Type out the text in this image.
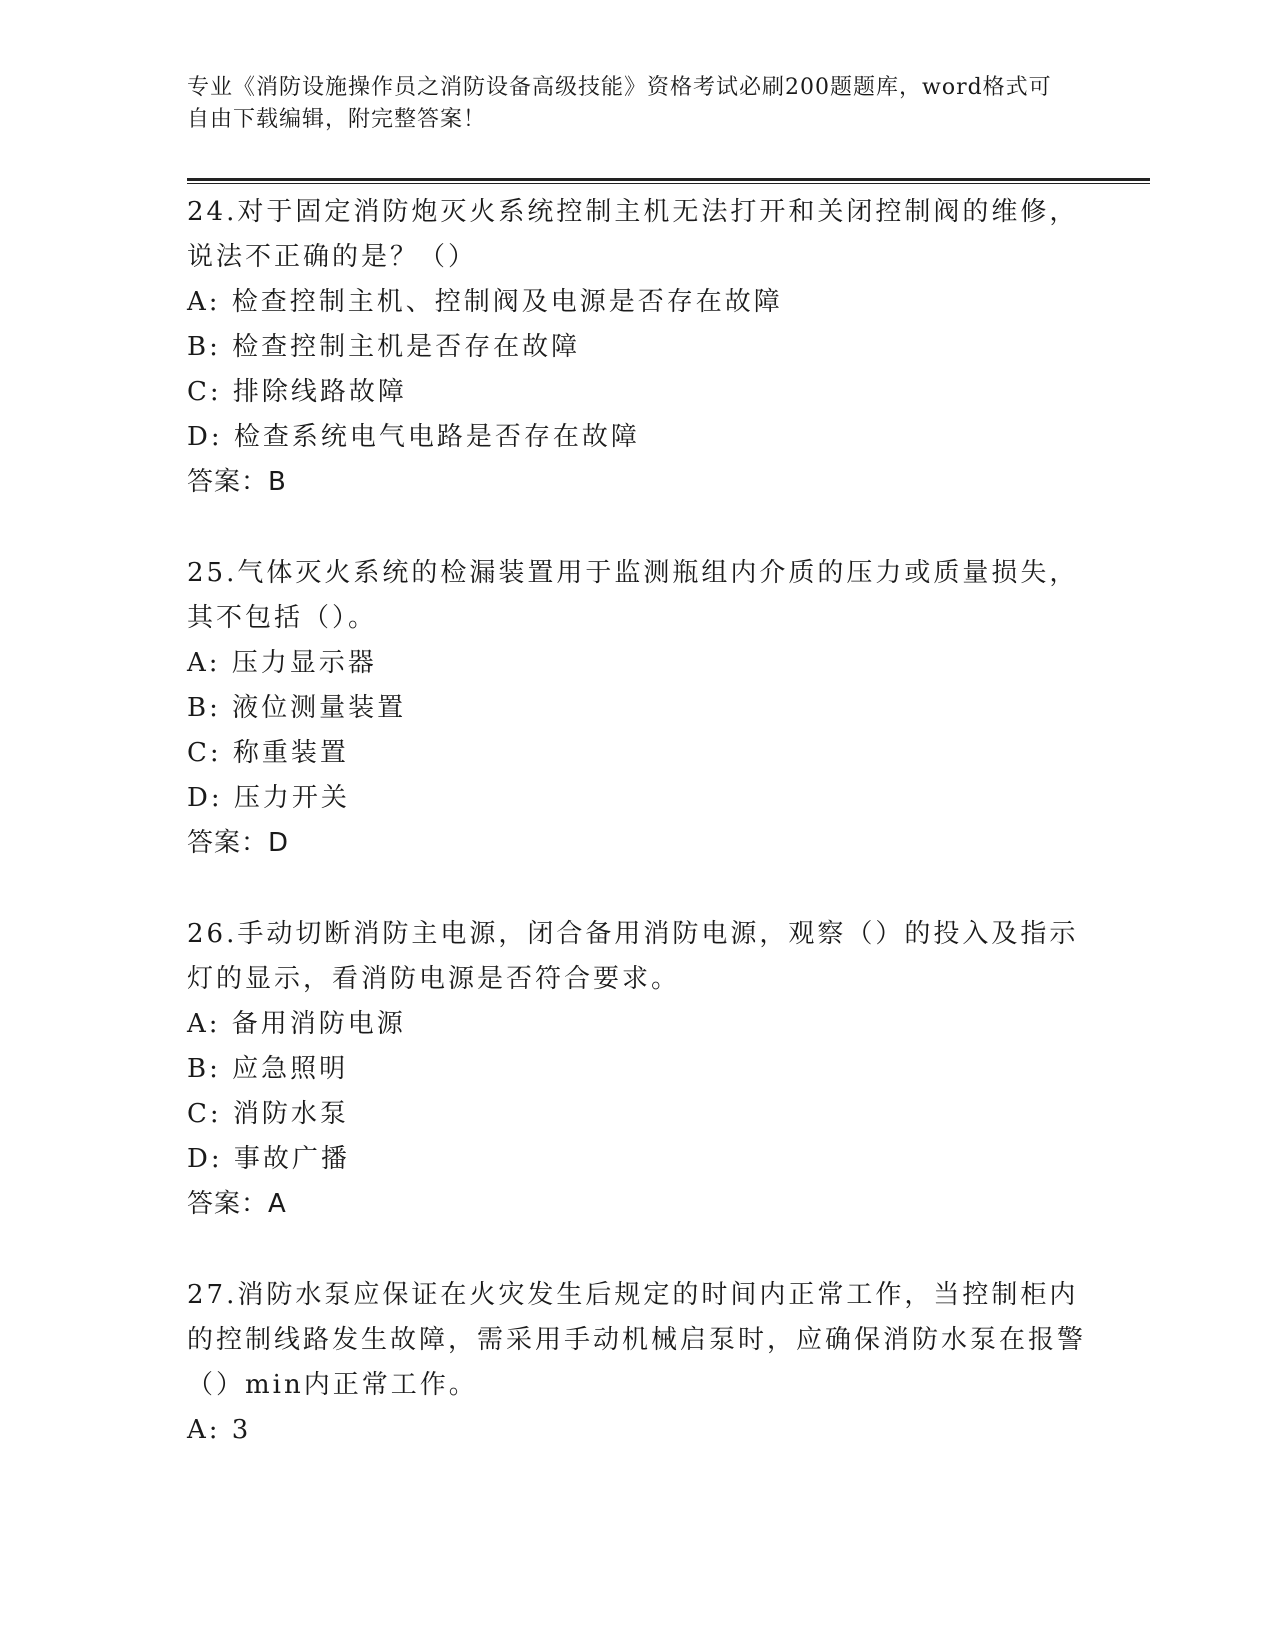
专业《消防设施操作员之消防设备高级技能》资格考试必刷200题题库，word格式可自由下载编辑，附完整答案！
24.对于固定消防炮灭火系统控制主机无法打开和关闭控制阀的维修，说法不正确的是？（）
A: 检查控制主机、控制阀及电源是否存在故障
B: 检查控制主机是否存在故障
C: 排除线路故障
D: 检查系统电气电路是否存在故障
答案：B
25.气体灭火系统的检漏装置用于监测瓶组内介质的压力或质量损失，其不包括（）。
A: 压力显示器
B: 液位测量装置
C: 称重装置
D: 压力开关
答案：D
26.手动切断消防主电源，闭合备用消防电源，观察（）的投入及指示灯的显示，看消防电源是否符合要求。
A: 备用消防电源
B: 应急照明
C: 消防水泵
D: 事故广播
答案：A
27.消防水泵应保证在火灾发生后规定的时间内正常工作，当控制柜内的控制线路发生故障，需采用手动机械启泵时，应确保消防水泵在报警（）min内正常工作。
A: 3
